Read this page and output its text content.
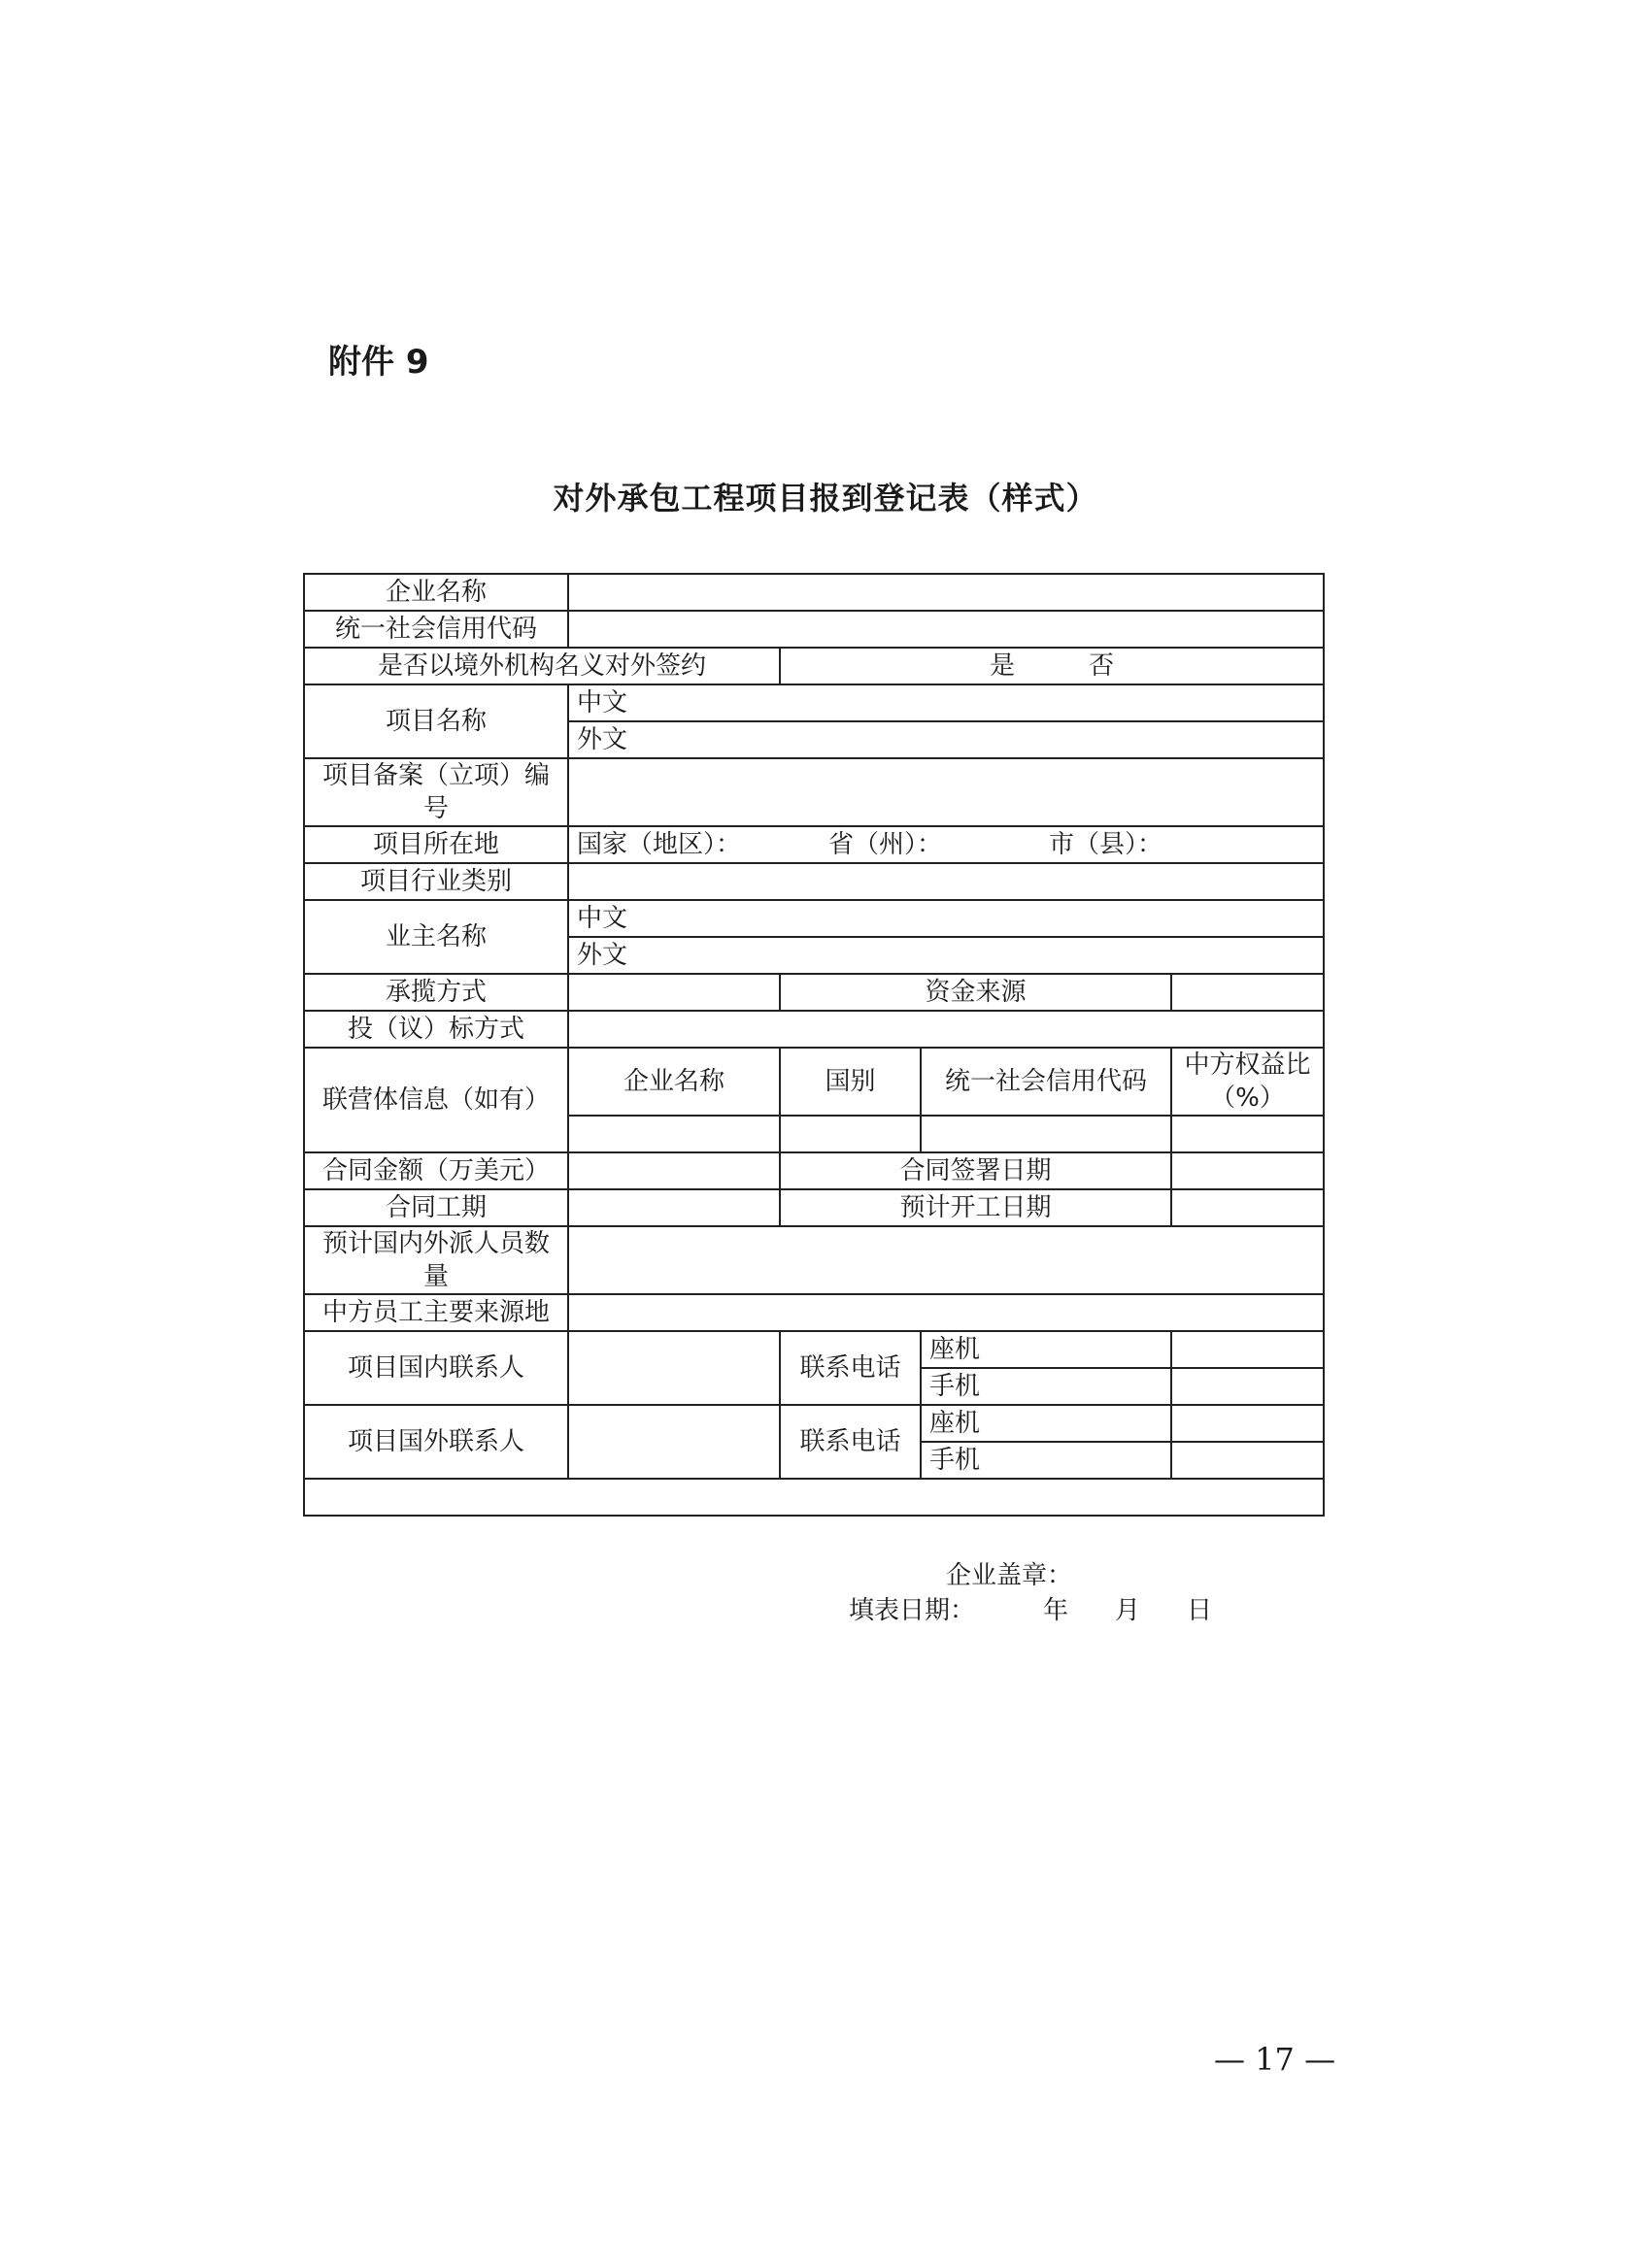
附件 9
对外承包工程项目报到登记表（样式）
企业名称				
统一社会信用代码				
是否以境外机构名义对外签约		是 否		
项目名称	中文			
	外文			
项目备案（立项）编号				
项目所在地	国家（地区）： 省（州）： 市（县）：			
项目行业类别				
业主名称	中文			
	外文			
承揽方式		资金来源		
投（议）标方式				
联营体信息（如有）	企业名称	国别	统一社会信用代码	中方权益比（%）

合同金额（万美元）		合同签署日期		
合同工期		预计开工日期		
预计国内外派人员数量				
中方员工主要来源地				
项目国内联系人		联系电话	座机	
			手机	
项目国外联系人		联系电话	座机	
			手机	

企业盖章：
填表日期： 年 月 日				
— 17 —
